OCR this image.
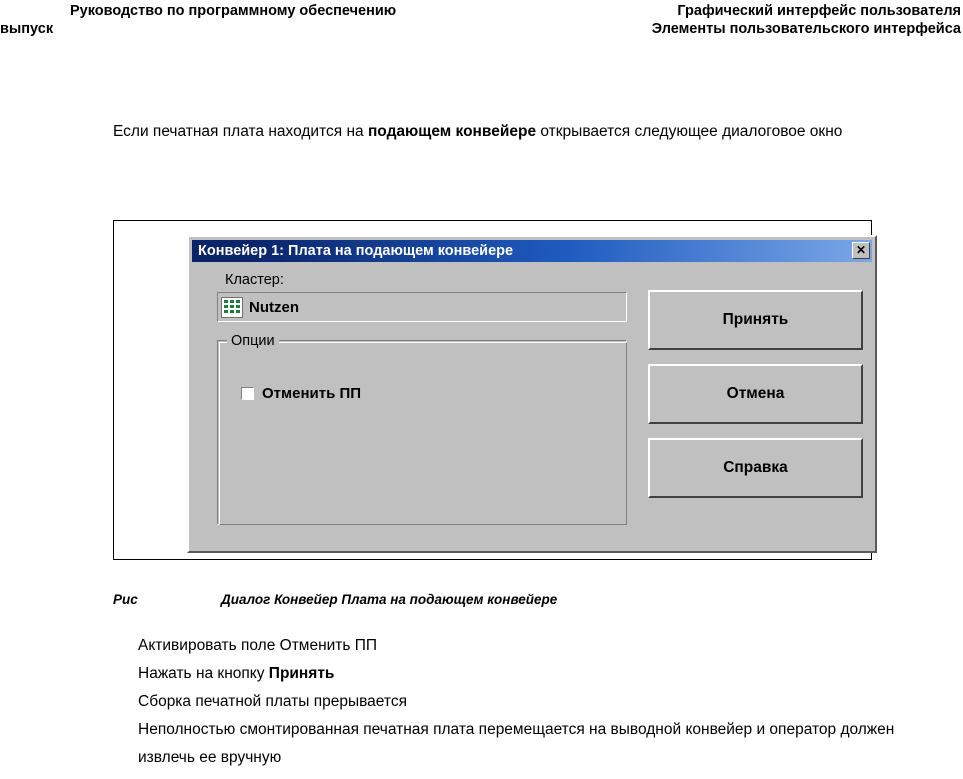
Руководство по программному обеспечению
выпуск
Графический интерфейс пользователя
Элементы пользовательского интерфейса
Если печатная плата находится на подающем конвейере открывается следующее диалоговое окно
Конвейер 1: Плата на подающем конвейере	✕
Кластер:
Nutzen
Опции
Отменить ПП
Принять
Отмена
Справка
Рис	Диалог Конвейер Плата на подающем конвейере
Активировать поле Отменить ПП
Нажать на кнопку Принять
Сборка печатной платы прерывается
Неполностью смонтированная печатная плата перемещается на выводной конвейер и оператор должен извлечь ее вручную
